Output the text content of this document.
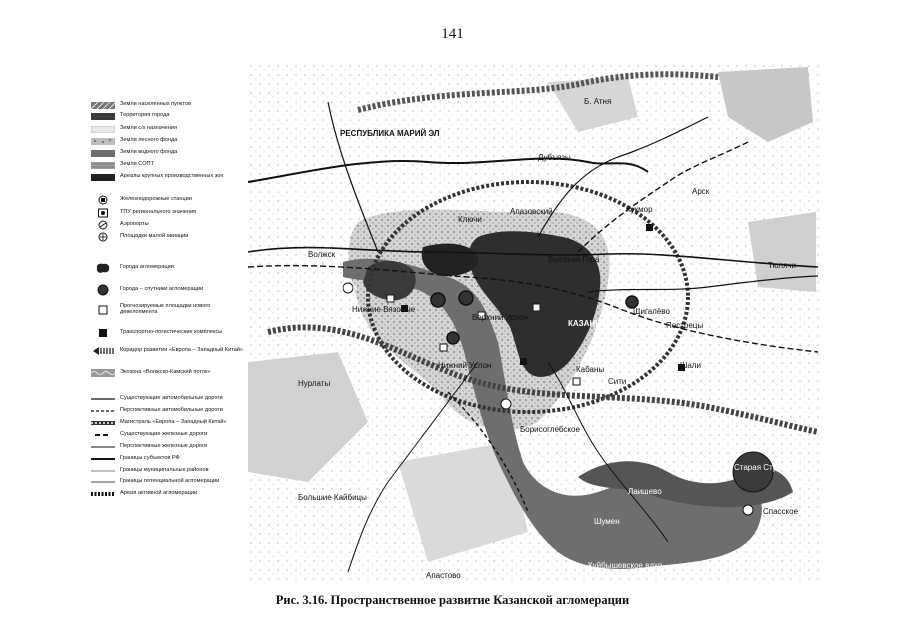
141
Земли населенных пунктов
Территория города
Земли с/х назначения
Земли лесного фонда
Земли водного фонда
Земли СОПТ
Ареалы крупных производственных зон
Железнодорожные станции
ТПУ регионального значения
Аэропорты
Площадки малой авиации
Города агломерации
Города – спутники агломерации
Прогнозируемые площадки нового девелопмента
Транспортно-логистические комплексы
Коридор развития «Европа – Западный Китай»
Экозона «Волжско-Камский поток»
Существующие автомобильные дороги
Перспективные автомобильные дороги
Магистраль «Европа – Западный Китай»
Существующие железные дороги
Перспективные железные дороги
Границы субъектов РФ
Границы муниципальных районов
Границы потенциальной агломерации
Ареал активной агломерации
РЕСПУБЛИКА МАРИЙ ЭЛ
КАЗАНЬ
Б. Атня
Дубъязы
Арск
Кукмор
Апазовский
Ключи
Волжск
Зеленодольск
Нижние Вязовые
Тюлячи
Щигалёво
Пестрецы
Шали
Кабаны
Сити
Верхний Услон
Нижний Услон
Нурлаты
Большие Кайбицы
Борисоглебское
Лаишево
Шумен
Куйбышевское вдхр
Апастово
Старая Студенка
Спасское
Высокая Гора
Рис. 3.16. Пространственное развитие Казанской агломерации
